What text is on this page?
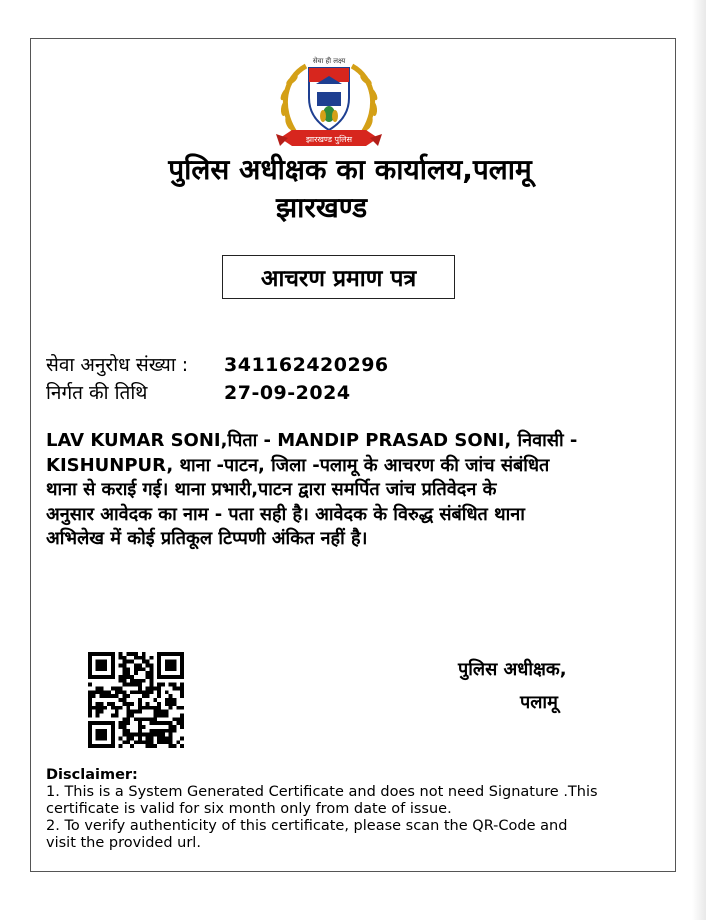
सेवा ही लक्ष्य
झारखण्ड पुलिस
पुलिस अधीक्षक का कार्यालय,पलामू
झारखण्ड
आचरण प्रमाण पत्र
सेवा अनुरोध संख्या : 341162420296
निर्गत की तिथि	27-09-2024
LAV KUMAR SONI,पिता - MANDIP PRASAD SONI, निवासी -
KISHUNPUR, थाना -पाटन, जिला -पलामू के आचरण की जांच संबंधित
थाना से कराई गई। थाना प्रभारी,पाटन द्वारा समर्पित जांच प्रतिवेदन के
अनुसार आवेदक का नाम - पता सही है। आवेदक के विरुद्ध संबंधित थाना
अभिलेख में कोई प्रतिकूल टिप्पणी अंकित नहीं है।
पुलिस अधीक्षक,
पलामू
Disclaimer:
1. This is a System Generated Certificate and does not need Signature .This
certificate is valid for six month only from date of issue.
2. To verify authenticity of this certificate, please scan the QR-Code and
visit the provided url.
